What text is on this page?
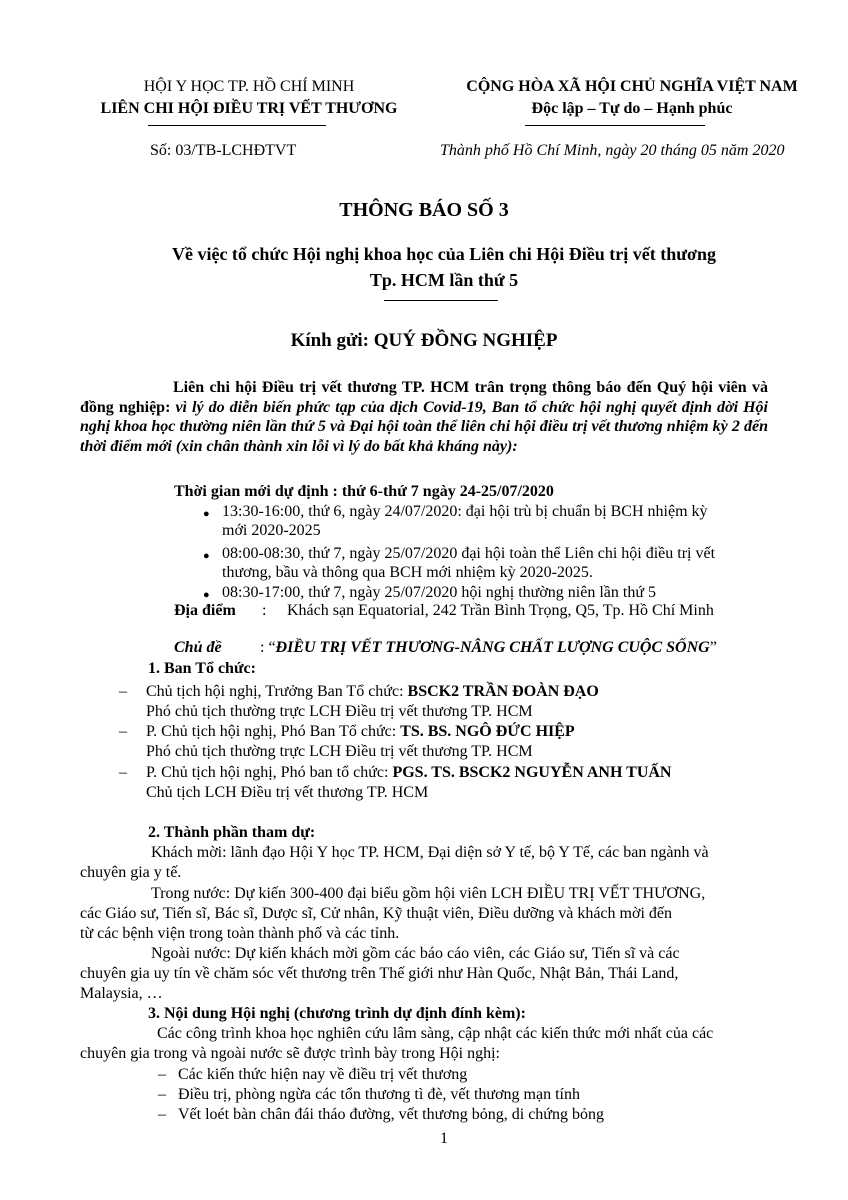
HỘI Y HỌC TP. HỒ CHÍ MINH
LIÊN CHI HỘI ĐIỀU TRỊ VẾT THƯƠNG
CỘNG HÒA XÃ HỘI CHỦ NGHĨA VIỆT NAM
Độc lập – Tự do – Hạnh phúc
Số: 03/TB-LCHĐTVT	Thành phố Hồ Chí Minh, ngày 20 tháng 05 năm 2020
THÔNG BÁO SỐ 3
Về việc tổ chức Hội nghị khoa học của Liên chi Hội Điều trị vết thương
Tp. HCM lần thứ 5
Kính gửi: QUÝ ĐỒNG NGHIỆP
Liên chi hội Điều trị vết thương TP. HCM trân trọng thông báo đến Quý hội viên và đồng nghiệp: vì lý do diễn biến phức tạp của dịch Covid-19, Ban tổ chức hội nghị quyết định dời Hội nghị khoa học thường niên lần thứ 5 và Đại hội toàn thể liên chi hội điều trị vết thương nhiệm kỳ 2 đến thời điểm mới (xin chân thành xin lỗi vì lý do bất khả kháng này):
Thời gian mới dự định : thứ 6-thứ 7 ngày 24-25/07/2020
● 13:30-16:00, thứ 6, ngày 24/07/2020: đại hội trù bị chuẩn bị BCH nhiệm kỳ
mới 2020-2025
● 08:00-08:30, thứ 7, ngày 25/07/2020 đại hội toàn thể Liên chi hội điều trị vết
thương, bầu và thông qua BCH mới nhiệm kỳ 2020-2025.
● 08:30-17:00, thứ 7, ngày 25/07/2020 hội nghị thường niên lần thứ 5
Địa điểm : Khách sạn Equatorial, 242 Trần Bình Trọng, Q5, Tp. Hồ Chí Minh
Chủ đề : “ĐIỀU TRỊ VẾT THƯƠNG-NÂNG CHẤT LƯỢNG CUỘC SỐNG”
1. Ban Tổ chức:
– Chủ tịch hội nghị, Trưởng Ban Tổ chức: BSCK2 TRẦN ĐOÀN ĐẠO
Phó chủ tịch thường trực LCH Điều trị vết thương TP. HCM
– P. Chủ tịch hội nghị, Phó Ban Tổ chức: TS. BS. NGÔ ĐỨC HIỆP
Phó chủ tịch thường trực LCH Điều trị vết thương TP. HCM
– P. Chủ tịch hội nghị, Phó ban tổ chức: PGS. TS. BSCK2 NGUYỄN ANH TUẤN
Chủ tịch LCH Điều trị vết thương TP. HCM
2. Thành phần tham dự:
Khách mời: lãnh đạo Hội Y học TP. HCM, Đại diện sở Y tế, bộ Y Tế, các ban ngành và
chuyên gia y tế.
Trong nước: Dự kiến 300-400 đại biểu gồm hội viên LCH ĐIỀU TRỊ VẾT THƯƠNG,
các Giáo sư, Tiến sĩ, Bác sĩ, Dược sĩ, Cử nhân, Kỹ thuật viên, Điều dưỡng và khách mời đến
từ các bệnh viện trong toàn thành phố và các tỉnh.
Ngoài nước: Dự kiến khách mời gồm các báo cáo viên, các Giáo sư, Tiến sĩ và các
chuyên gia uy tín về chăm sóc vết thương trên Thế giới như Hàn Quốc, Nhật Bản, Thái Land,
Malaysia, …
3. Nội dung Hội nghị (chương trình dự định đính kèm):
Các công trình khoa học nghiên cứu lâm sàng, cập nhật các kiến thức mới nhất của các
chuyên gia trong và ngoài nước sẽ được trình bày trong Hội nghị:
– Các kiến thức hiện nay về điều trị vết thương
– Điều trị, phòng ngừa các tổn thương tì đè, vết thương mạn tính
– Vết loét bàn chân đái tháo đường, vết thương bỏng, di chứng bỏng
1
